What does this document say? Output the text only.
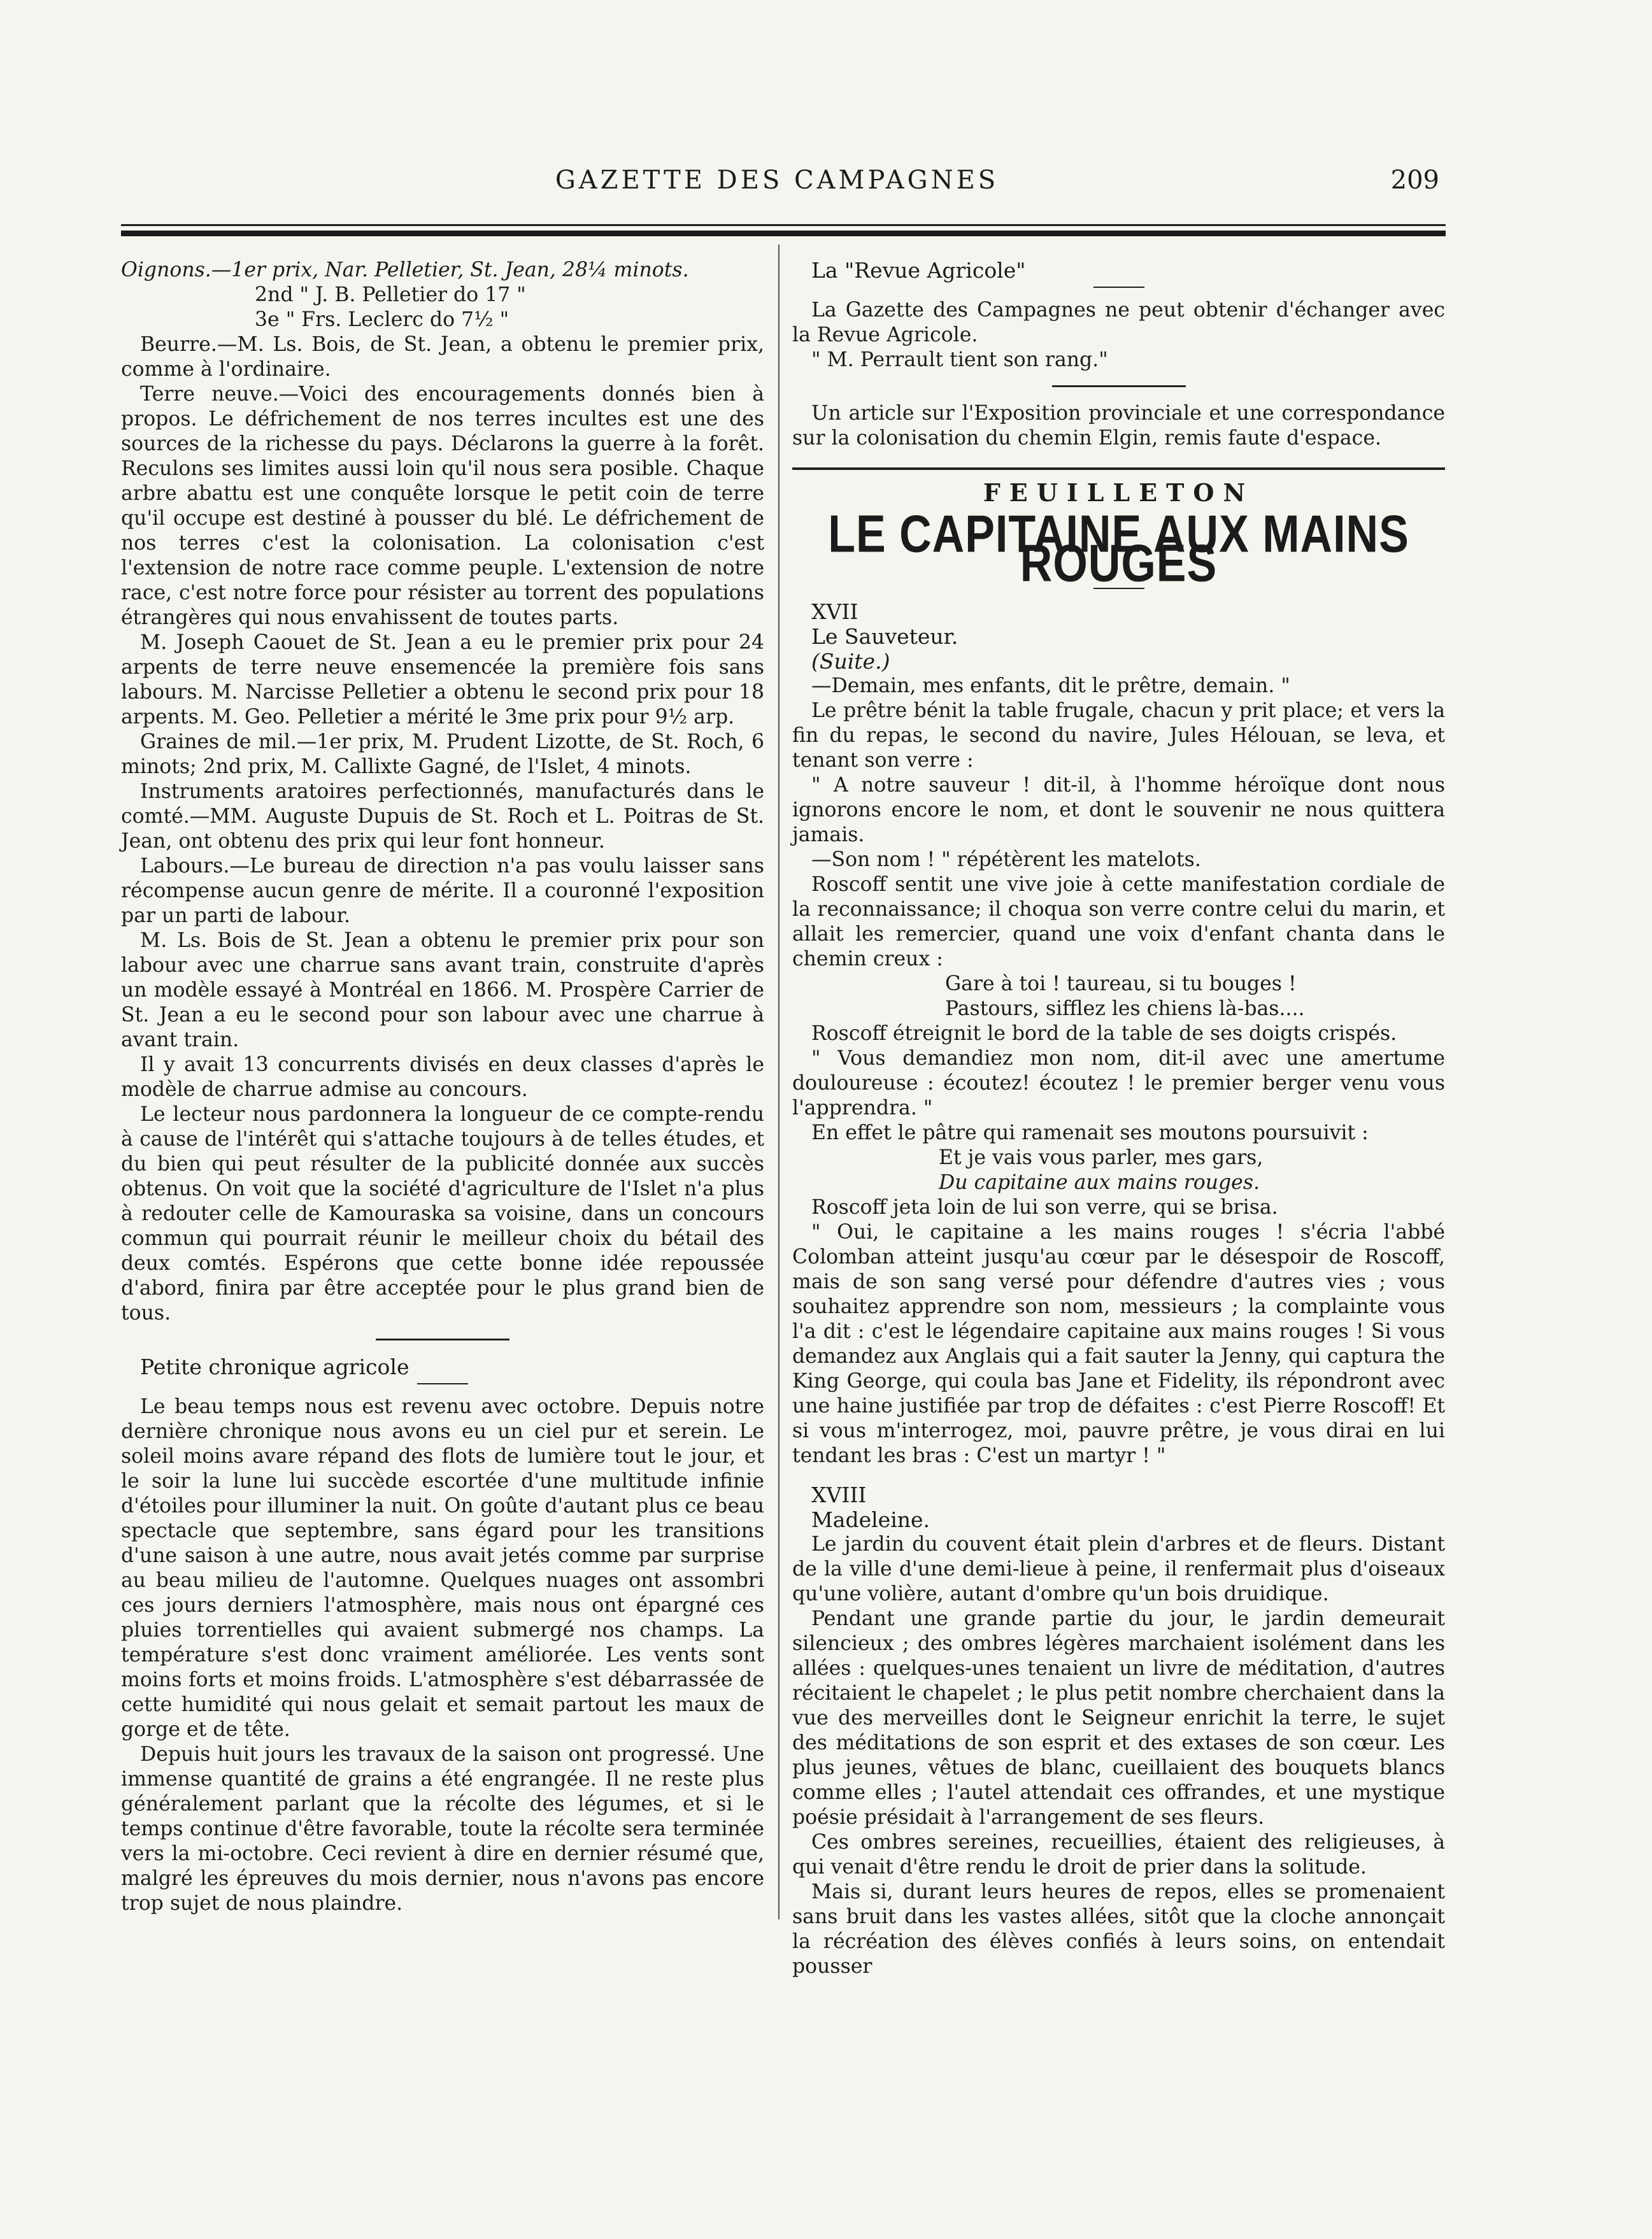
GAZETTE DES CAMPAGNES	209

Oignons.—1er prix, Nar. Pelletier, St. Jean, 28¼ minots.

2nd " J. B. Pelletier do 17 "

3e " Frs. Leclerc do 7½ "

Beurre.—M. Ls. Bois, de St. Jean, a obtenu le premier prix, comme à l'ordinaire.

Terre neuve.—Voici des encouragements donnés bien à propos. Le défrichement de nos terres incultes est une des sources de la richesse du pays. Déclarons la guerre à la forêt. Reculons ses limites aussi loin qu'il nous sera posible. Chaque arbre abattu est une conquête lorsque le petit coin de terre qu'il occupe est destiné à pousser du blé. Le défrichement de nos terres c'est la colonisation. La colonisation c'est l'extension de notre race comme peuple. L'extension de notre race, c'est notre force pour résister au torrent des populations étrangères qui nous envahissent de toutes parts.

M. Joseph Caouet de St. Jean a eu le premier prix pour 24 arpents de terre neuve ensemencée la première fois sans labours. M. Narcisse Pelletier a obtenu le second prix pour 18 arpents. M. Geo. Pelletier a mérité le 3me prix pour 9½ arp.

Graines de mil.—1er prix, M. Prudent Lizotte, de St. Roch, 6 minots; 2nd prix, M. Callixte Gagné, de l'Islet, 4 minots.

Instruments aratoires perfectionnés, manufacturés dans le comté.—MM. Auguste Dupuis de St. Roch et L. Poitras de St. Jean, ont obtenu des prix qui leur font honneur.

Labours.—Le bureau de direction n'a pas voulu laisser sans récompense aucun genre de mérite. Il a couronné l'exposition par un parti de labour.

M. Ls. Bois de St. Jean a obtenu le premier prix pour son labour avec une charrue sans avant train, construite d'après un modèle essayé à Montréal en 1866. M. Prospère Carrier de St. Jean a eu le second pour son labour avec une charrue à avant train.

Il y avait 13 concurrents divisés en deux classes d'après le modèle de charrue admise au concours.

Le lecteur nous pardonnera la longueur de ce compte-rendu à cause de l'intérêt qui s'attache toujours à de telles études, et du bien qui peut résulter de la publicité donnée aux succès obtenus. On voit que la société d'agriculture de l'Islet n'a plus à redouter celle de Kamouraska sa voisine, dans un concours commun qui pourrait réunir le meilleur choix du bétail des deux comtés. Espérons que cette bonne idée repoussée d'abord, finira par être acceptée pour le plus grand bien de tous.

Petite chronique agricole

Le beau temps nous est revenu avec octobre. Depuis notre dernière chronique nous avons eu un ciel pur et serein. Le soleil moins avare répand des flots de lumière tout le jour, et le soir la lune lui succède escortée d'une multitude infinie d'étoiles pour illuminer la nuit. On goûte d'autant plus ce beau spectacle que septembre, sans égard pour les transitions d'une saison à une autre, nous avait jetés comme par surprise au beau milieu de l'automne. Quelques nuages ont assombri ces jours derniers l'atmosphère, mais nous ont épargné ces pluies torrentielles qui avaient submergé nos champs. La température s'est donc vraiment améliorée. Les vents sont moins forts et moins froids. L'atmosphère s'est débarrassée de cette humidité qui nous gelait et semait partout les maux de gorge et de tête.

Depuis huit jours les travaux de la saison ont progressé. Une immense quantité de grains a été engrangée. Il ne reste plus généralement parlant que la récolte des légumes, et si le temps continue d'être favorable, toute la récolte sera terminée vers la mi-octobre. Ceci revient à dire en dernier résumé que, malgré les épreuves du mois dernier, nous n'avons pas encore trop sujet de nous plaindre.

La "Revue Agricole"

La Gazette des Campagnes ne peut obtenir d'échanger avec la Revue Agricole.

" M. Perrault tient son rang."

Un article sur l'Exposition provinciale et une correspondance sur la colonisation du chemin Elgin, remis faute d'espace.

FEUILLETON
LE CAPITAINE AUX MAINS ROUGES

XVII

Le Sauveteur.

(Suite.)

—Demain, mes enfants, dit le prêtre, demain. "

Le prêtre bénit la table frugale, chacun y prit place; et vers la fin du repas, le second du navire, Jules Hélouan, se leva, et tenant son verre :

" A notre sauveur ! dit-il, à l'homme héroïque dont nous ignorons encore le nom, et dont le souvenir ne nous quittera jamais.

—Son nom ! " répétèrent les matelots.

Roscoff sentit une vive joie à cette manifestation cordiale de la reconnaissance; il choqua son verre contre celui du marin, et allait les remercier, quand une voix d'enfant chanta dans le chemin creux :

Gare à toi ! taureau, si tu bouges !

Pastours, sifflez les chiens là-bas....

Roscoff étreignit le bord de la table de ses doigts crispés.

" Vous demandiez mon nom, dit-il avec une amertume douloureuse : écoutez! écoutez ! le premier berger venu vous l'apprendra. "

En effet le pâtre qui ramenait ses moutons poursuivit :

Et je vais vous parler, mes gars,

Du capitaine aux mains rouges.

Roscoff jeta loin de lui son verre, qui se brisa.

" Oui, le capitaine a les mains rouges ! s'écria l'abbé Colomban atteint jusqu'au cœur par le désespoir de Roscoff, mais de son sang versé pour défendre d'autres vies ; vous souhaitez apprendre son nom, messieurs ; la complainte vous l'a dit : c'est le légendaire capitaine aux mains rouges ! Si vous demandez aux Anglais qui a fait sauter la Jenny, qui captura the King George, qui coula bas Jane et Fidelity, ils répondront avec une haine justifiée par trop de défaites : c'est Pierre Roscoff! Et si vous m'interrogez, moi, pauvre prêtre, je vous dirai en lui tendant les bras : C'est un martyr ! "

XVIII

Madeleine.

Le jardin du couvent était plein d'arbres et de fleurs. Distant de la ville d'une demi-lieue à peine, il renfermait plus d'oiseaux qu'une volière, autant d'ombre qu'un bois druidique.

Pendant une grande partie du jour, le jardin demeurait silencieux ; des ombres légères marchaient isolément dans les allées : quelques-unes tenaient un livre de méditation, d'autres récitaient le chapelet ; le plus petit nombre cherchaient dans la vue des merveilles dont le Seigneur enrichit la terre, le sujet des méditations de son esprit et des extases de son cœur. Les plus jeunes, vêtues de blanc, cueillaient des bouquets blancs comme elles ; l'autel attendait ces offrandes, et une mystique poésie présidait à l'arrangement de ses fleurs.

Ces ombres sereines, recueillies, étaient des religieuses, à qui venait d'être rendu le droit de prier dans la solitude.

Mais si, durant leurs heures de repos, elles se promenaient sans bruit dans les vastes allées, sitôt que la cloche annonçait la récréation des élèves confiés à leurs soins, on entendait pousser
